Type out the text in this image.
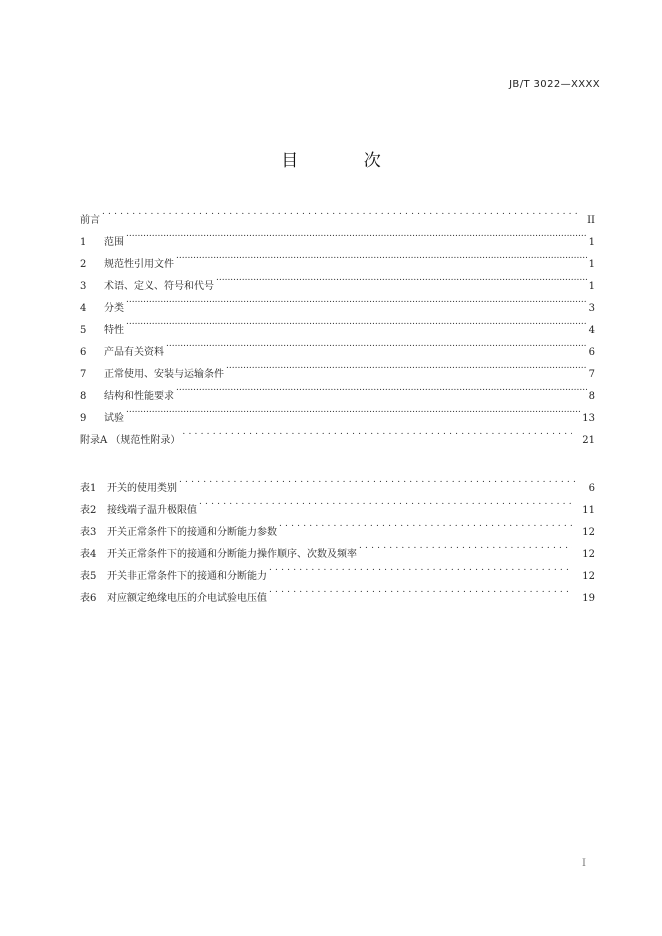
JB/T 3022—XXXX
目 次
前言 .....	II
1	范围 .....	1
2	规范性引用文件 .....	1
3	术语、定义、符号和代号 .....	1
4	分类 .....	3
5	特性 .....	4
6	产品有关资料 .....	6
7	正常使用、安装与运输条件 .....	7
8	结构和性能要求 .....	8
9	试验 .....	13
附录A （规范性附录） .....	21
表1	开关的使用类别 .....	6
表2	接线端子温升极限值 .....	11
表3	开关正常条件下的接通和分断能力参数 .....	12
表4	开关正常条件下的接通和分断能力操作顺序、次数及频率 .....	12
表5	开关非正常条件下的接通和分断能力 .....	12
表6	对应额定绝缘电压的介电试验电压值 .....	19
I
